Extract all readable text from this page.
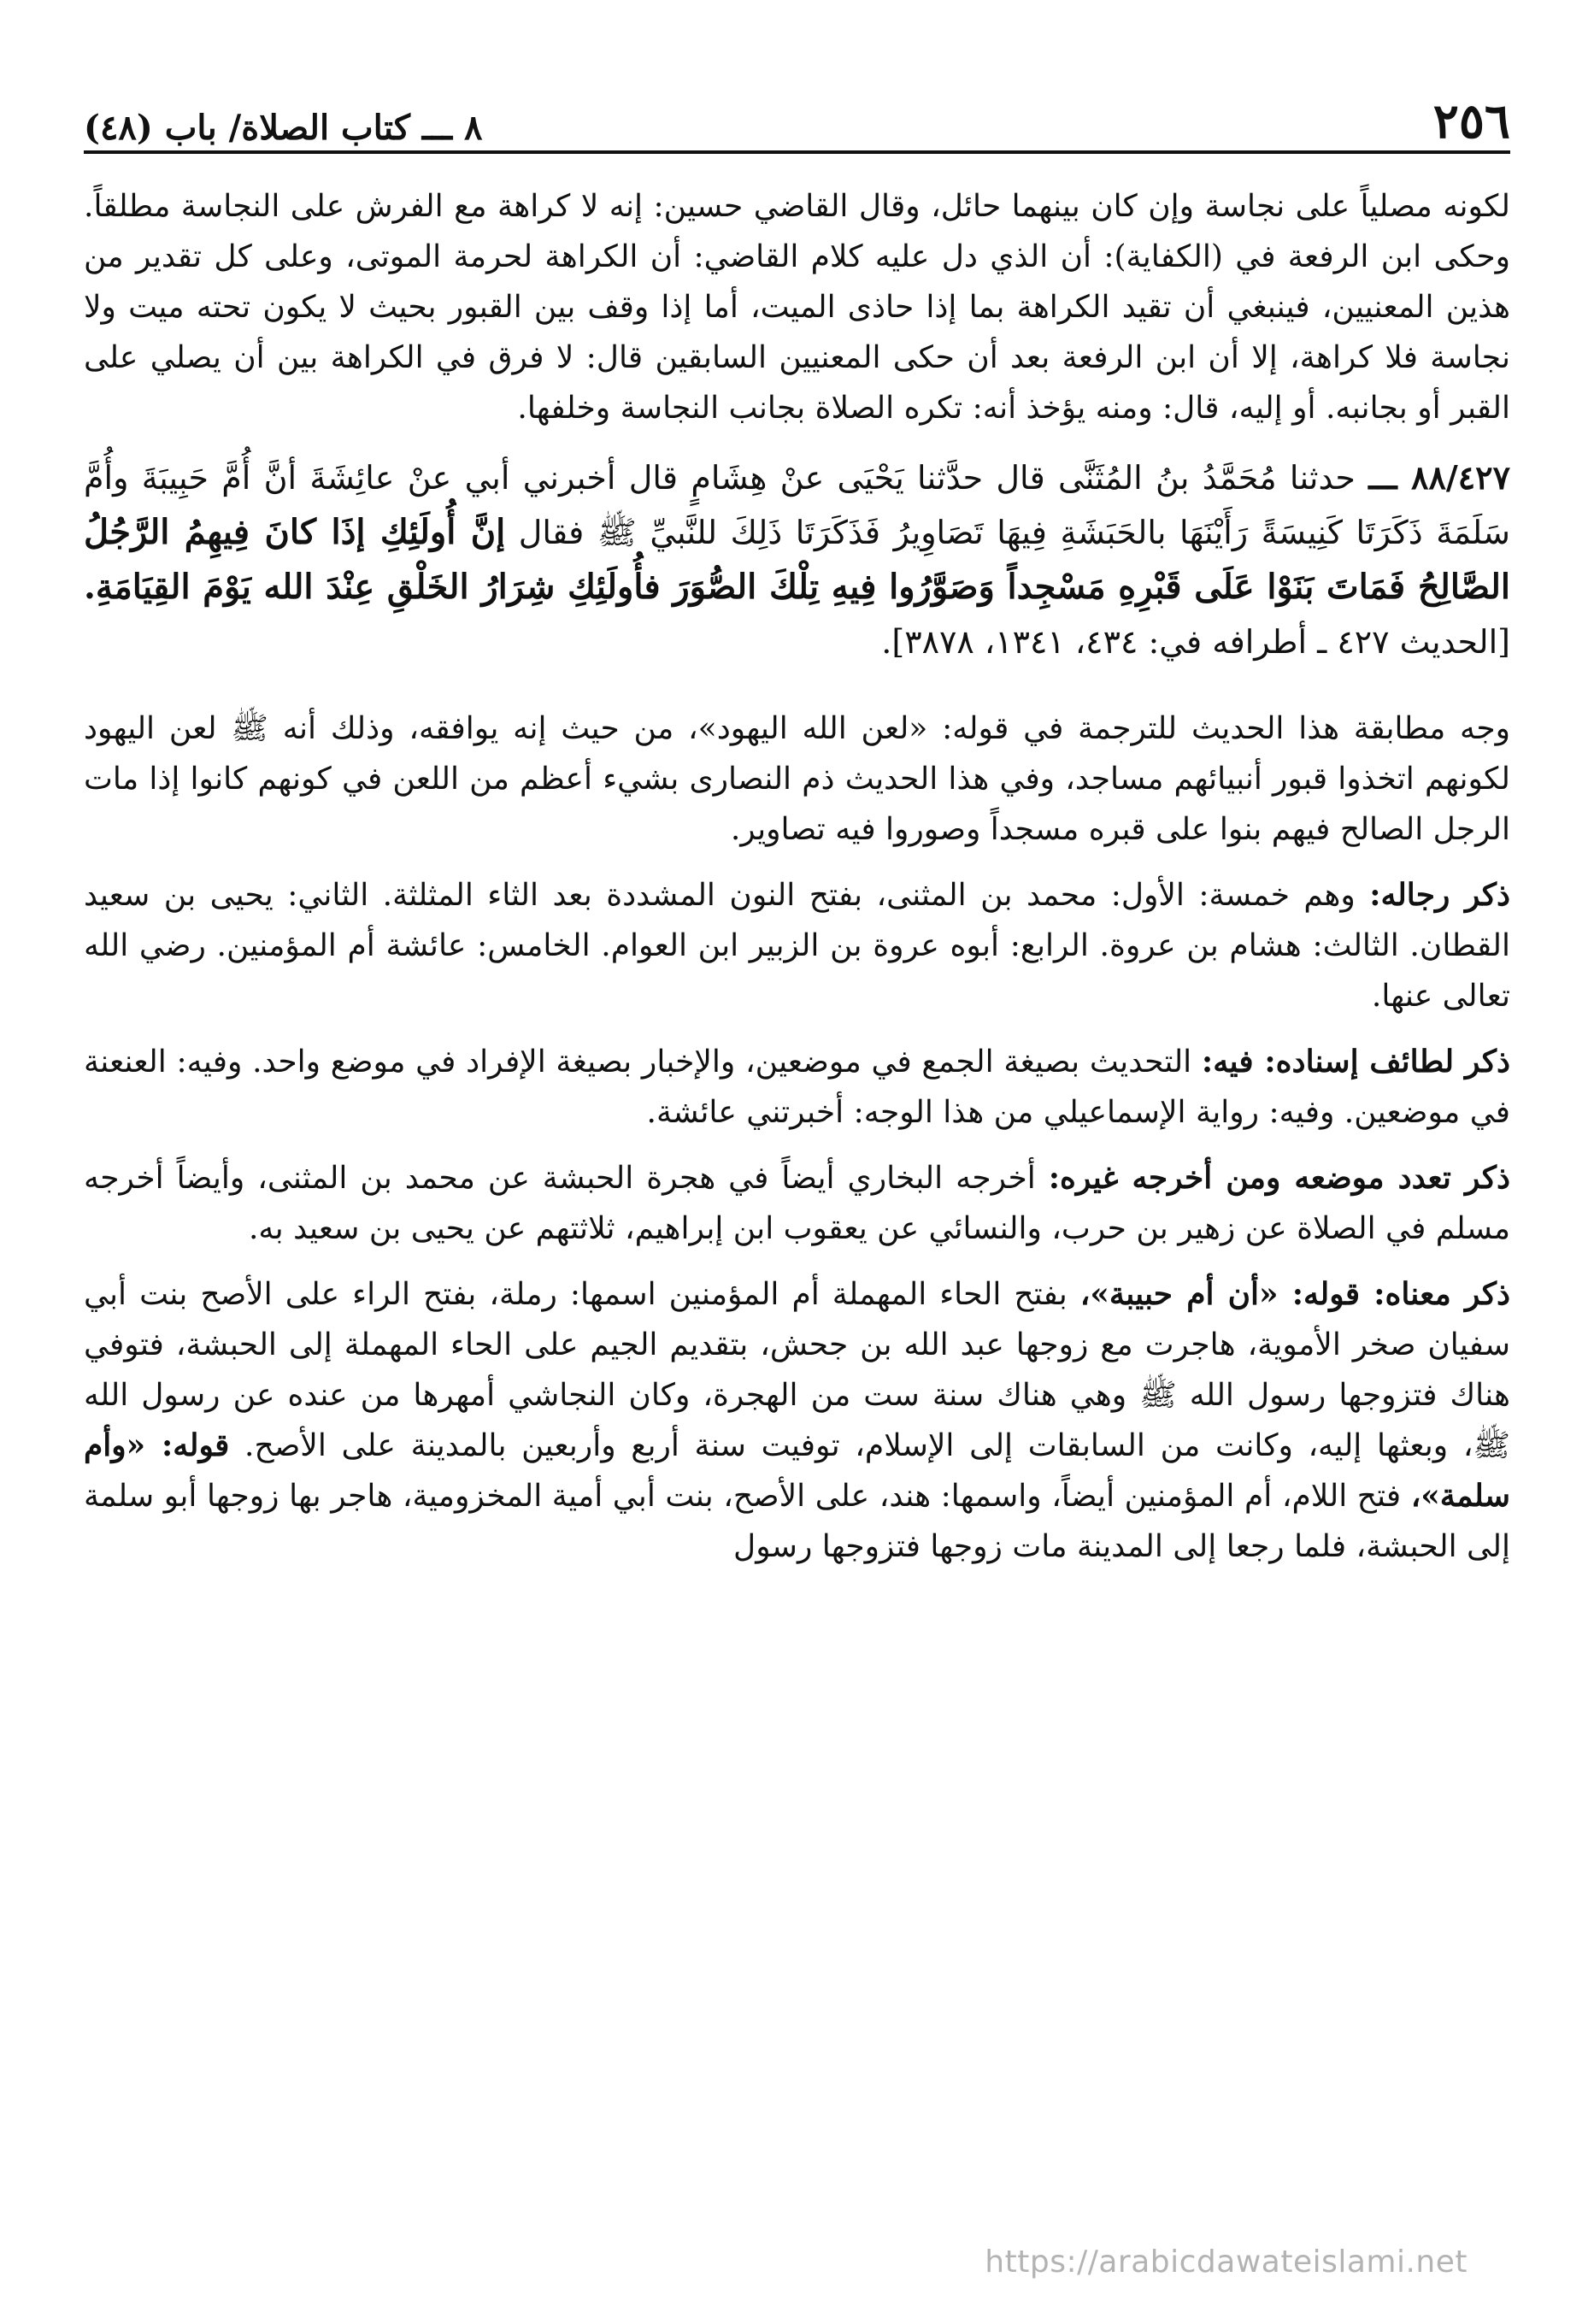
٢٥٦
٨ ـــ كتاب الصلاة/ باب (٤٨)

لكونه مصلياً على نجاسة وإن كان بينهما حائل، وقال القاضي حسين: إنه لا كراهة مع الفرش على النجاسة مطلقاً. وحكى ابن الرفعة في (الكفاية): أن الذي دل عليه كلام القاضي: أن الكراهة لحرمة الموتى، وعلى كل تقدير من هذين المعنيين، فينبغي أن تقيد الكراهة بما إذا حاذى الميت، أما إذا وقف بين القبور بحيث لا يكون تحته ميت ولا نجاسة فلا كراهة، إلا أن ابن الرفعة بعد أن حكى المعنيين السابقين قال: لا فرق في الكراهة بين أن يصلي على القبر أو بجانبه. أو إليه، قال: ومنه يؤخذ أنه: تكره الصلاة بجانب النجاسة وخلفها.

٨٨/٤٢٧ ـــ حدثنا مُحَمَّدُ بنُ المُثَنَّى قال حدَّثنا يَحْيَى عنْ هِشَامٍ قال أخبرني أبي عنْ عائِشَةَ أنَّ أُمَّ حَبِيبَةَ وأُمَّ سَلَمَةَ ذَكَرَتَا كَنِيسَةً رَأَيْنَهَا بالحَبَشَةِ فِيهَا تَصَاوِيرُ فَذَكَرَتَا ذَلِكَ للنَّبيِّ ﷺ فقال إنَّ أُولَئِكِ إذَا كانَ فِيهِمُ الرَّجُلُ الصَّالِحُ فَمَاتَ بَنَوْا عَلَى قَبْرِهِ مَسْجِداً وَصَوَّرُوا فِيهِ تِلْكَ الصُّوَرَ فأُولَئِكِ شِرَارُ الخَلْقِ عِنْدَ الله يَوْمَ القِيَامَةِ. [الحديث ٤٢٧ ـ أطرافه في: ٤٣٤، ١٣٤١، ٣٨٧٨].

وجه مطابقة هذا الحديث للترجمة في قوله: «لعن الله اليهود»، من حيث إنه يوافقه، وذلك أنه ﷺ لعن اليهود لكونهم اتخذوا قبور أنبيائهم مساجد، وفي هذا الحديث ذم النصارى بشيء أعظم من اللعن في كونهم كانوا إذا مات الرجل الصالح فيهم بنوا على قبره مسجداً وصوروا فيه تصاوير.

ذكر رجاله: وهم خمسة: الأول: محمد بن المثنى، بفتح النون المشددة بعد الثاء المثلثة. الثاني: يحيى بن سعيد القطان. الثالث: هشام بن عروة. الرابع: أبوه عروة بن الزبير ابن العوام. الخامس: عائشة أم المؤمنين. رضي الله تعالى عنها.

ذكر لطائف إسناده: فيه: التحديث بصيغة الجمع في موضعين، والإخبار بصيغة الإفراد في موضع واحد. وفيه: العنعنة في موضعين. وفيه: رواية الإسماعيلي من هذا الوجه: أخبرتني عائشة.

ذكر تعدد موضعه ومن أخرجه غيره: أخرجه البخاري أيضاً في هجرة الحبشة عن محمد بن المثنى، وأيضاً أخرجه مسلم في الصلاة عن زهير بن حرب، والنسائي عن يعقوب ابن إبراهيم، ثلاثتهم عن يحيى بن سعيد به.

ذكر معناه: قوله: «أن أم حبيبة»، بفتح الحاء المهملة أم المؤمنين اسمها: رملة، بفتح الراء على الأصح بنت أبي سفيان صخر الأموية، هاجرت مع زوجها عبد الله بن جحش، بتقديم الجيم على الحاء المهملة إلى الحبشة، فتوفي هناك فتزوجها رسول الله ﷺ وهي هناك سنة ست من الهجرة، وكان النجاشي أمهرها من عنده عن رسول الله ﷺ، وبعثها إليه، وكانت من السابقات إلى الإسلام، توفيت سنة أربع وأربعين بالمدينة على الأصح. قوله: «وأم سلمة»، فتح اللام، أم المؤمنين أيضاً، واسمها: هند، على الأصح، بنت أبي أمية المخزومية، هاجر بها زوجها أبو سلمة إلى الحبشة، فلما رجعا إلى المدينة مات زوجها فتزوجها رسول

https://arabicdawateislami.net
